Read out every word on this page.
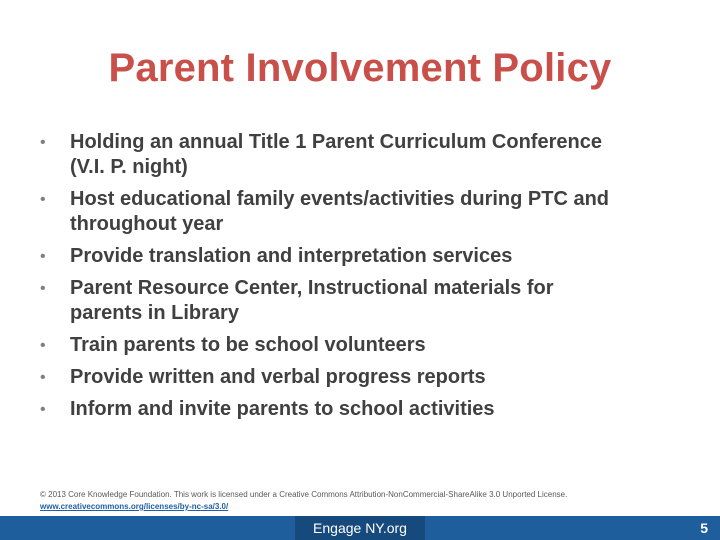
Parent Involvement Policy
•	Holding an annual Title 1 Parent Curriculum Conference
(V.I. P. night)
•	Host educational family events/activities during PTC and
throughout year
•	Provide translation and interpretation services
•	Parent Resource Center, Instructional materials for
parents in Library
•	Train parents to be school volunteers
•	Provide written and verbal progress reports
•	Inform and invite parents to school activities
© 2013 Core Knowledge Foundation. This work is licensed under a Creative Commons Attribution-NonCommercial-ShareAlike 3.0 Unported License.
www.creativecommons.org/licenses/by-nc-sa/3.0/
Engage NY.org	5
